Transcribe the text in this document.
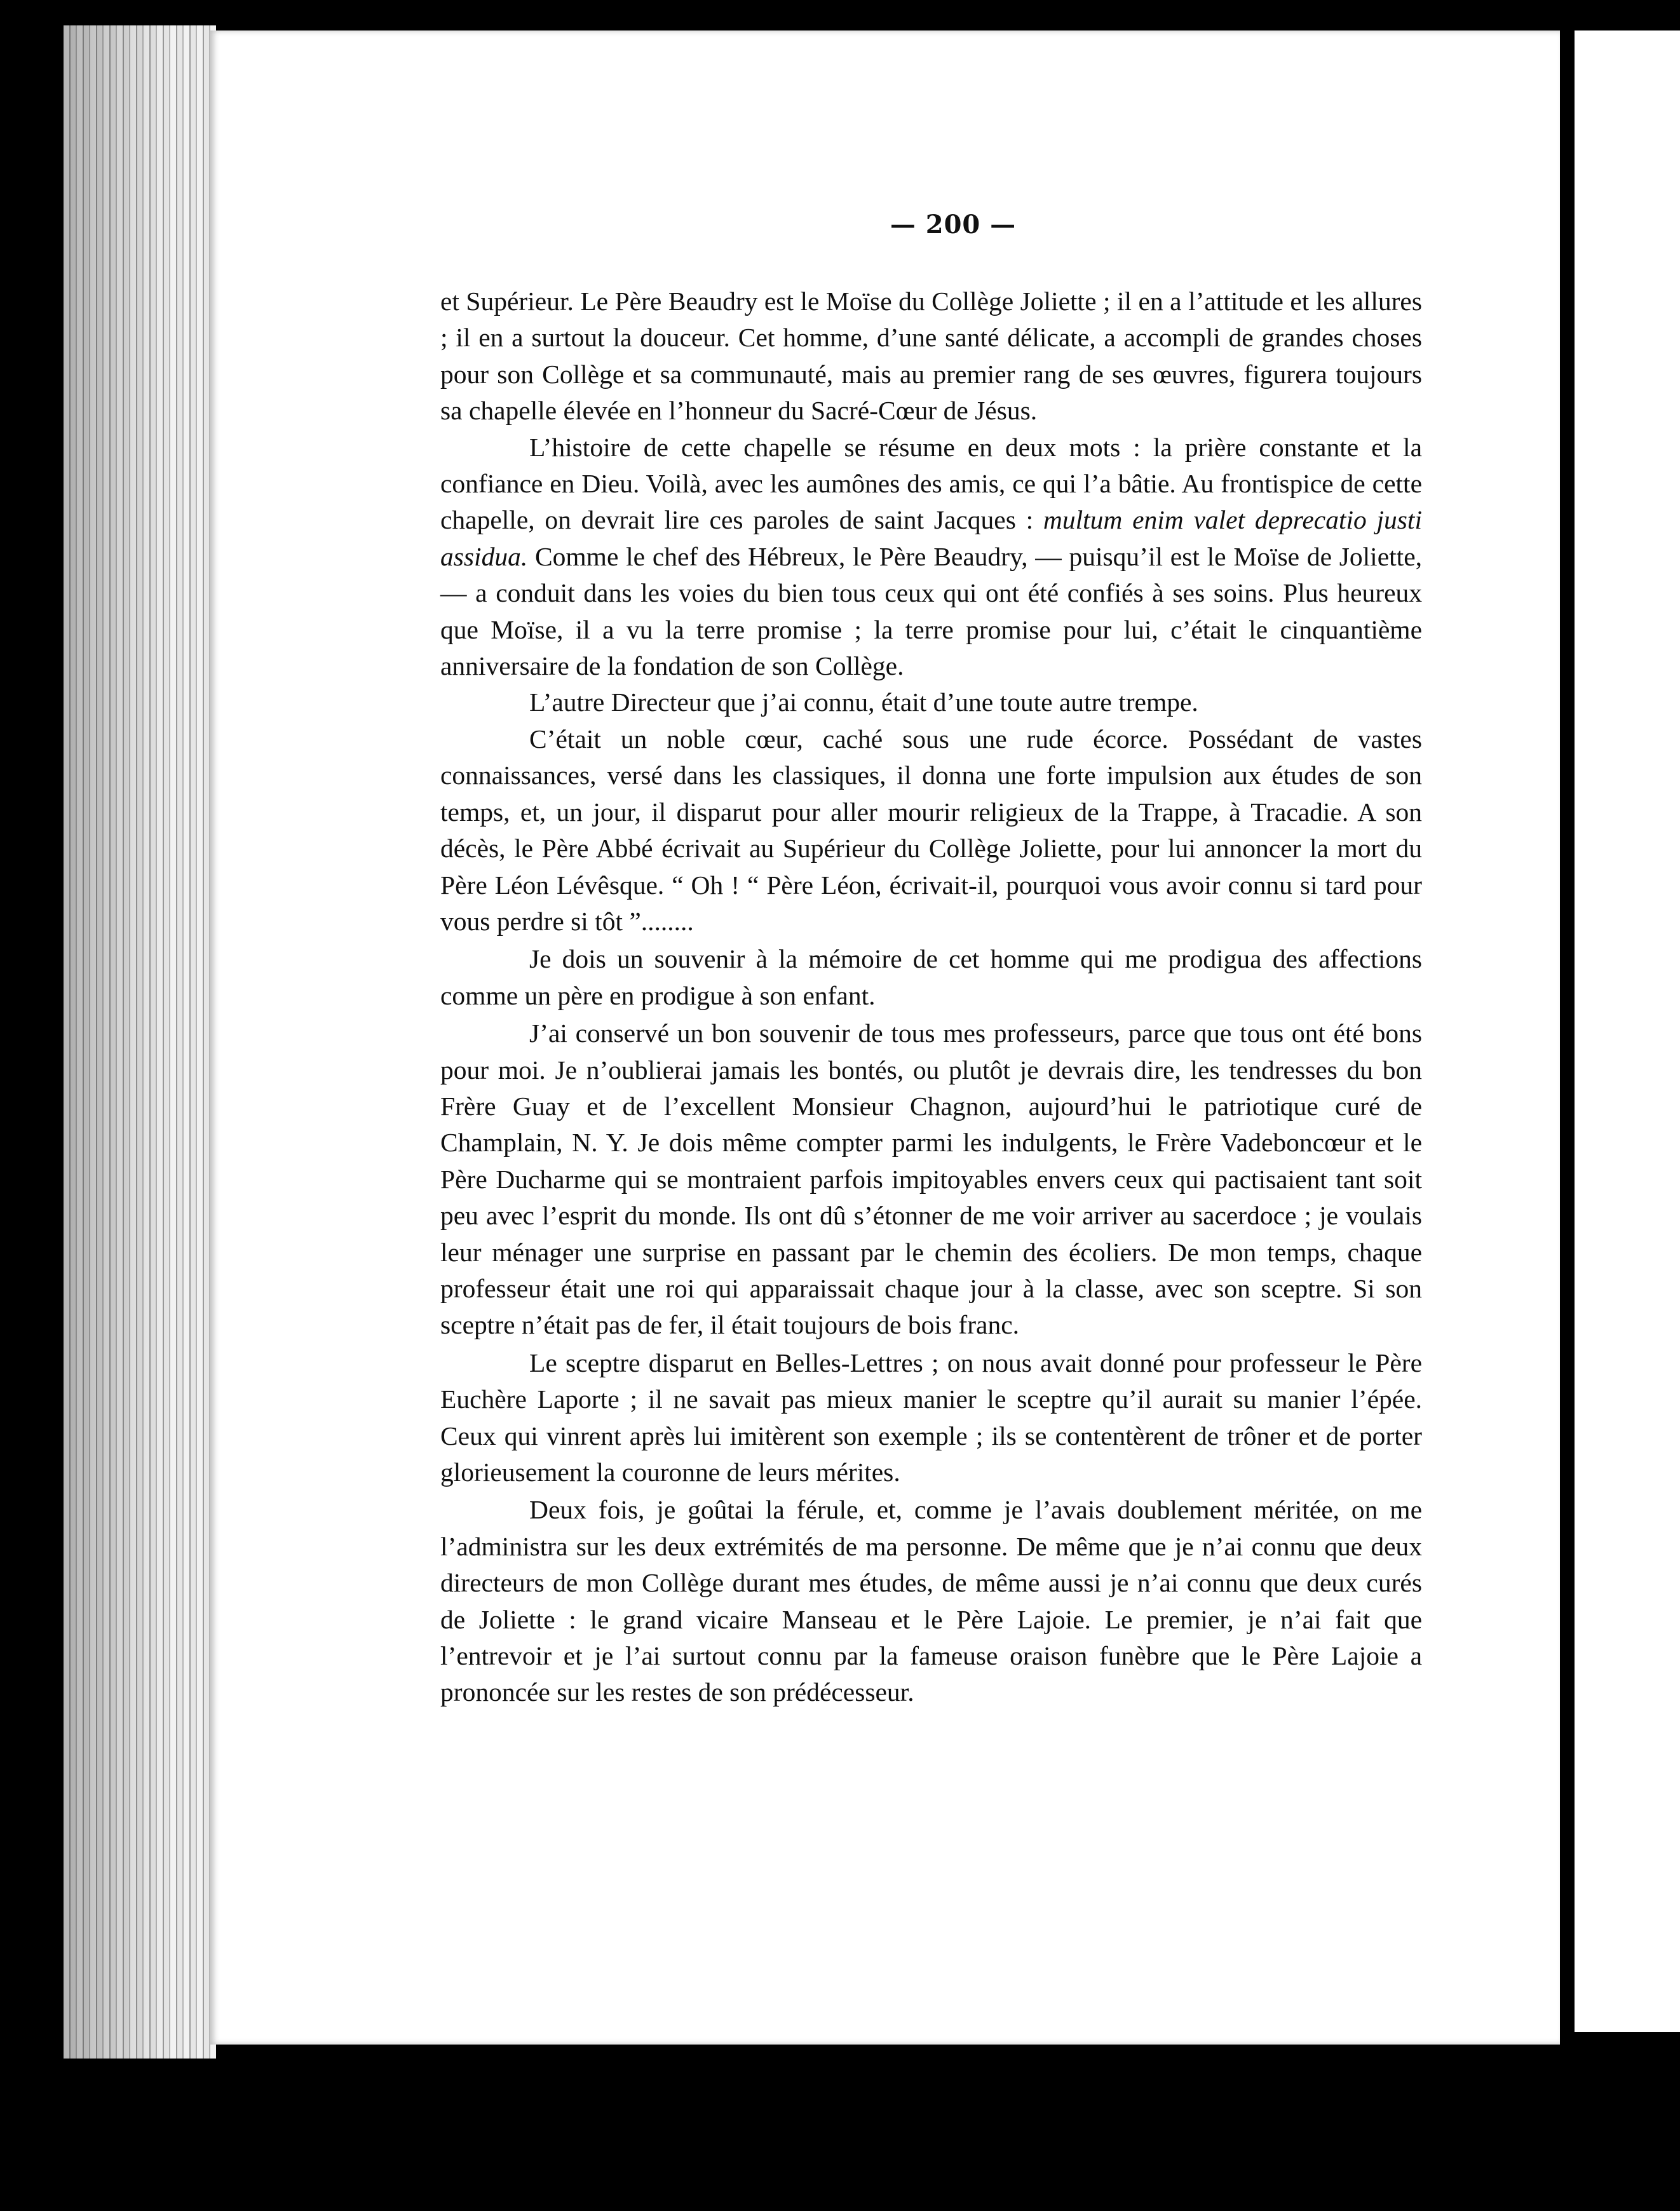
— 200 —

et Supérieur. Le Père Beaudry est le Moïse du Collège Joliette ; il en a l’attitude et les allures ; il en a surtout la douceur. Cet homme, d’une santé délicate, a accompli de grandes choses pour son Collège et sa communauté, mais au premier rang de ses œuvres, figurera toujours sa chapelle élevée en l’honneur du Sacré-Cœur de Jésus.

L’histoire de cette chapelle se résume en deux mots : la prière constante et la confiance en Dieu. Voilà, avec les aumônes des amis, ce qui l’a bâtie. Au frontispice de cette chapelle, on devrait lire ces paroles de saint Jacques : multum enim valet deprecatio justi assidua. Comme le chef des Hébreux, le Père Beaudry, — puisqu’il est le Moïse de Joliette, — a conduit dans les voies du bien tous ceux qui ont été confiés à ses soins. Plus heureux que Moïse, il a vu la terre promise ; la terre promise pour lui, c’était le cinquantième anniversaire de la fondation de son Collège.

L’autre Directeur que j’ai connu, était d’une toute autre trempe.

C’était un noble cœur, caché sous une rude écorce. Possédant de vastes connaissances, versé dans les classiques, il donna une forte impulsion aux études de son temps, et, un jour, il disparut pour aller mourir religieux de la Trappe, à Tracadie. A son décès, le Père Abbé écrivait au Supérieur du Collège Joliette, pour lui annoncer la mort du Père Léon Lévêsque. “ Oh ! “ Père Léon, écrivait-il, pourquoi vous avoir connu si tard pour vous perdre si tôt ”........

Je dois un souvenir à la mémoire de cet homme qui me prodigua des affections comme un père en prodigue à son enfant.

J’ai conservé un bon souvenir de tous mes professeurs, parce que tous ont été bons pour moi. Je n’oublierai jamais les bontés, ou plutôt je devrais dire, les tendresses du bon Frère Guay et de l’excellent Monsieur Chagnon, aujourd’hui le patriotique curé de Champlain, N. Y. Je dois même compter parmi les indulgents, le Frère Vadeboncœur et le Père Ducharme qui se montraient parfois impitoyables envers ceux qui pactisaient tant soit peu avec l’esprit du monde. Ils ont dû s’étonner de me voir arriver au sacerdoce ; je voulais leur ménager une surprise en passant par le chemin des écoliers. De mon temps, chaque professeur était une roi qui apparaissait chaque jour à la classe, avec son sceptre. Si son sceptre n’était pas de fer, il était toujours de bois franc.

Le sceptre disparut en Belles-Lettres ; on nous avait donné pour professeur le Père Euchère Laporte ; il ne savait pas mieux manier le sceptre qu’il aurait su manier l’épée. Ceux qui vinrent après lui imitèrent son exemple ; ils se contentèrent de trôner et de porter glorieusement la couronne de leurs mérites.

Deux fois, je goûtai la férule, et, comme je l’avais doublement méritée, on me l’administra sur les deux extrémités de ma personne. De même que je n’ai connu que deux directeurs de mon Collège durant mes études, de même aussi je n’ai connu que deux curés de Joliette : le grand vicaire Manseau et le Père Lajoie. Le premier, je n’ai fait que l’entrevoir et je l’ai surtout connu par la fameuse oraison funèbre que le Père Lajoie a prononcée sur les restes de son prédécesseur.
